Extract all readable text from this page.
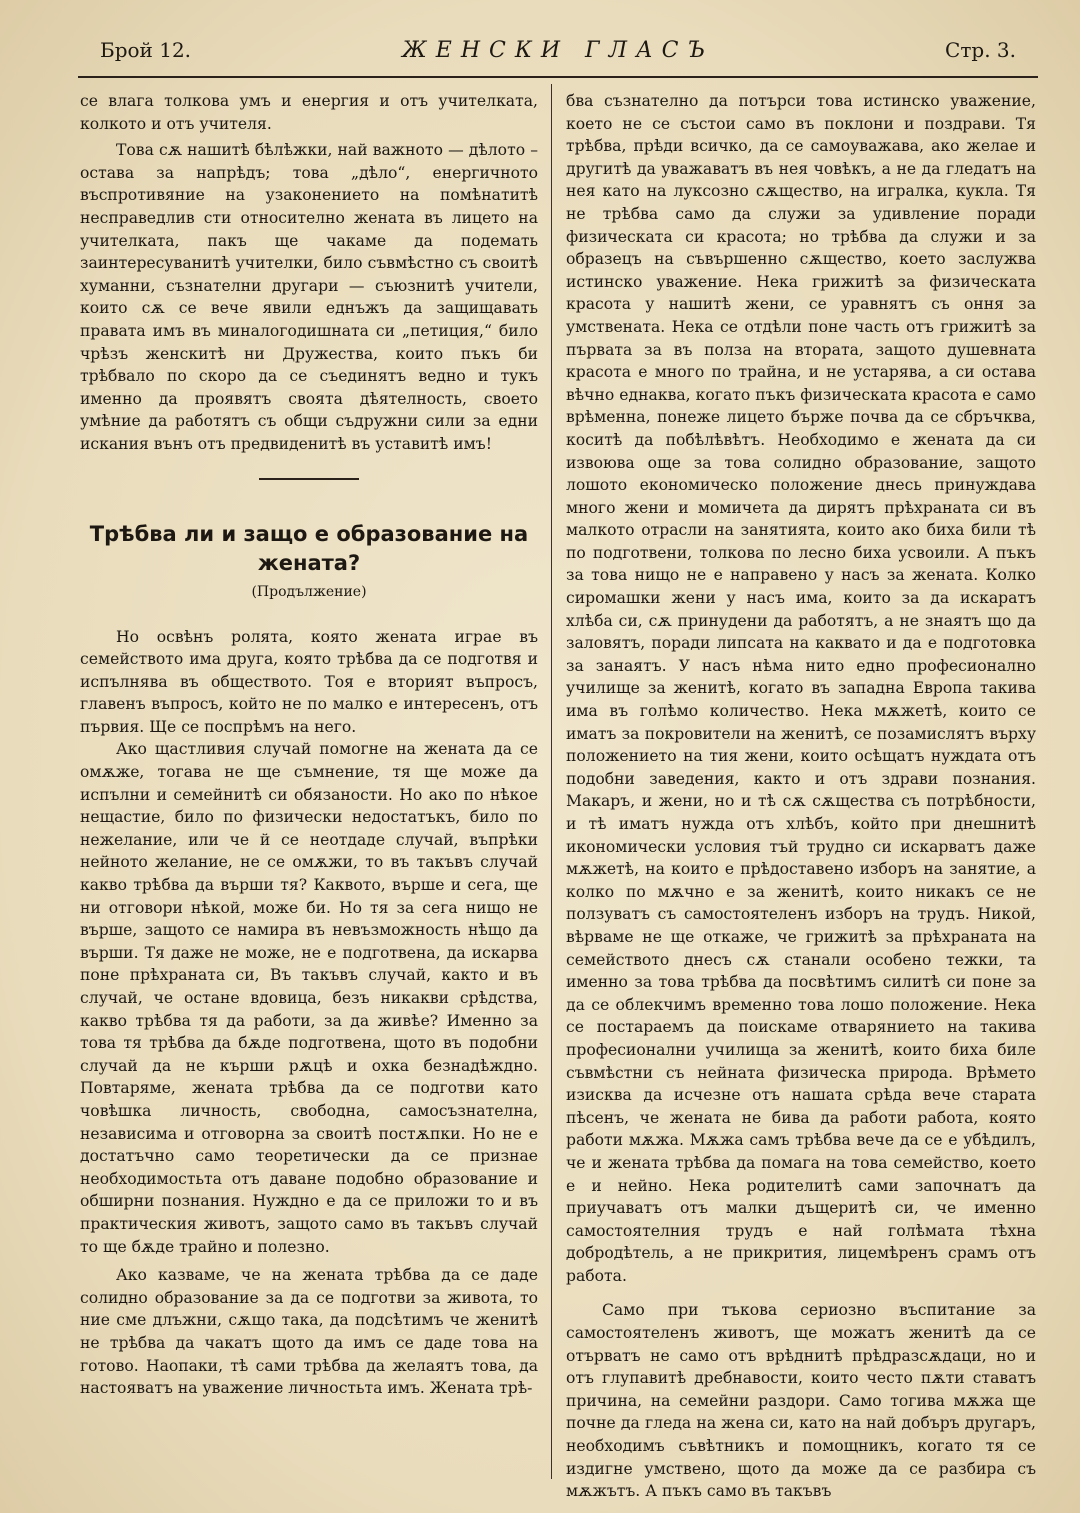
Брой 12.	ЖЕНСКИ ГЛАСЪ	Стр. 3.

се влага толкова умъ и енергия и отъ учителката, колкото и отъ учителя.

Това сѫ нашитѣ бѣлѣжки, най важното — дѣлото – остава за напрѣдъ; това „дѣло“, енергичното въспротивяние на узаконението на помѣнатитѣ несправедлив сти относително жената въ лицето на учителката, пакъ ще чакаме да подемать заинтересуванитѣ учителки, било съвмѣстно съ своитѣ хуманни, съзнателни другари — съюзнитѣ учители, които сѫ се вече явили еднъжъ да защищавать правата имъ въ миналогодишната си „петиция,“ било чрѣзъ женскитѣ ни Дружества, които пъкъ би трѣбвало по скоро да се съединятъ ведно и тукъ именно да проявятъ своята дѣятелность, своето умѣние да работятъ съ общи съдружни сили за едни искания вънъ отъ предвиденитѣ въ уставитѣ имъ!

Трѣбва ли и защо е образование на жената?
(Продължение)

Но освѣнъ ролята, която жената играе въ семейството има друга, която трѣбва да се подготвя и испълнява въ обществото. Тоя е вторият въпросъ, главенъ въпросъ, който не по малко е интересенъ, отъ първия. Ще се поспрѣмъ на него.

Ако щастливия случай помогне на жената да се омѫже, тогава не ще съмнение, тя ще може да испълни и семейнитѣ си обязаности. Но ако по нѣкое нещастие, било по физически недостатъкъ, било по нежелание, или че й се неотдаде случай, въпрѣки нейното желание, не се омѫжи, то въ такъвъ случай какво трѣбва да върши тя? Каквото, върше и сега, ще ни отговори нѣкой, може би. Но тя за сега нищо не върше, защото се намира въ невъзможность нѣщо да върши. Тя даже не може, не е подготвена, да искарва поне прѣхраната си, Въ такъвъ случай, както и въ случай, че остане вдовица, безъ никакви срѣдства, какво трѣбва тя да работи, за да живѣе? Именно за това тя трѣбва да бѫде подготвена, щото въ подобни случай да не кърши рѫцѣ и охка безнадѣждно. Повтаряме, жената трѣбва да се подготви като човѣшка личность, свободна, самосъзнателна, независима и отговорна за своитѣ постѫпки. Но не е достатъчно само теоретически да се признае необходимостьта отъ даване подобно образование и обширни познания. Нуждно е да се приложи то и въ практическия животъ, защото само въ такъвъ случай то ще бѫде трайно и полезно.

Ако казваме, че на жената трѣбва да се даде солидно образование за да се подготви за живота, то ние сме длъжни, сѫщо така, да подсѣтимъ че женитѣ не трѣбва да чакатъ щото да имъ се даде това на готово. Наопаки, тѣ сами трѣбва да желаятъ това, да настояватъ на уважение личностьта имъ. Жената трѣ-

бва съзнателно да потърси това истинско уважение, което не се състои само въ поклони и поздрави. Тя трѣбва, прѣди всичко, да се самоуважава, ако желае и другитѣ да уважаватъ въ нея човѣкъ, а не да гледатъ на нея като на луксозно сѫщество, на игралка, кукла. Тя не трѣбва само да служи за удивление поради физическата си красота; но трѣбва да служи и за образецъ на съвършенно сѫщество, което заслужва истинско уважение. Нека грижитѣ за физическата красота у нашитѣ жени, се уравнятъ съ оння за умствената. Нека се отдѣли поне часть отъ грижитѣ за първата за въ полза на втората, защото душевната красота е много по трайна, и не устарява, а си остава вѣчно еднаква, когато пъкъ физическата красота е само врѣменна, понеже лицето бърже почва да се сбръчква, коситѣ да побѣлѣвѣтъ. Необходимо е жената да си извоюва още за това солидно образование, защото лошото економическо положение днесь принуждава много жени и момичета да дирятъ прѣхраната си въ малкото отрасли на занятията, които ако биха били тѣ по подготвени, толкова по лесно биха усвоили. А пъкъ за това нищо не е направено у насъ за жената. Колко сиромашки жени у насъ има, които за да искаратъ хлѣба си, сѫ принудени да работятъ, а не знаятъ що да заловятъ, поради липсата на каквато и да е подготовка за занаятъ. У насъ нѣма нито едно професионално училище за женитѣ, когато въ западна Европа такива има въ голѣмо количество. Нека мѫжетѣ, които се иматъ за покровители на женитѣ, се позамислятъ върху положението на тия жени, които осѣщатъ нуждата отъ подобни заведения, както и отъ здрави познания. Макаръ, и жени, но и тѣ сѫ сѫщества съ потрѣбности, и тѣ иматъ нужда отъ хлѣбъ, който при днешнитѣ икономически условия тъй трудно си искарватъ даже мѫжетѣ, на които е прѣдоставено изборъ на занятие, а колко по мѫчно е за женитѣ, които никакъ се не ползуватъ съ самостоятеленъ изборъ на трудъ. Никой, вѣрваме не ще откаже, че грижитѣ за прѣхраната на семейството днесъ сѫ станали особено тежки, та именно за това трѣбва да посвѣтимъ силитѣ си поне за да се облекчимъ временно това лошо положение. Нека се постараемъ да поискаме отварянието на такива професионални училища за женитѣ, които биха биле съвмѣстни съ нейната физическа природа. Врѣмето изисква да исчезне отъ нашата срѣда вече старата пѣсенъ, че жената не бива да работи работа, която работи мѫжа. Мѫжа самъ трѣбва вече да се е убѣдилъ, че и жената трѣбва да помага на това семейство, което е и нейно. Нека родителитѣ сами започнатъ да приучаватъ отъ малки дъщеритѣ си, че именно самостоятелния трудъ е най голѣмата тѣхна добродѣтель, а не прикрития, лицемѣренъ срамъ отъ работа.

Само при тъкова сериозно въспитание за самостоятеленъ животъ, ще можатъ женитѣ да се отърватъ не само отъ врѣднитѣ прѣдразсѫдаци, но и отъ глупавитѣ дребнавости, които често пѫти ставатъ причина, на семейни раздори. Само тогива мѫжа ще почне да гледа на жена си, като на най добъръ другаръ, необходимъ съвѣтникъ и помощникъ, когато тя се издигне умствено, щото да може да се разбира съ мѫжътъ. А пъкъ само въ такъвъ
